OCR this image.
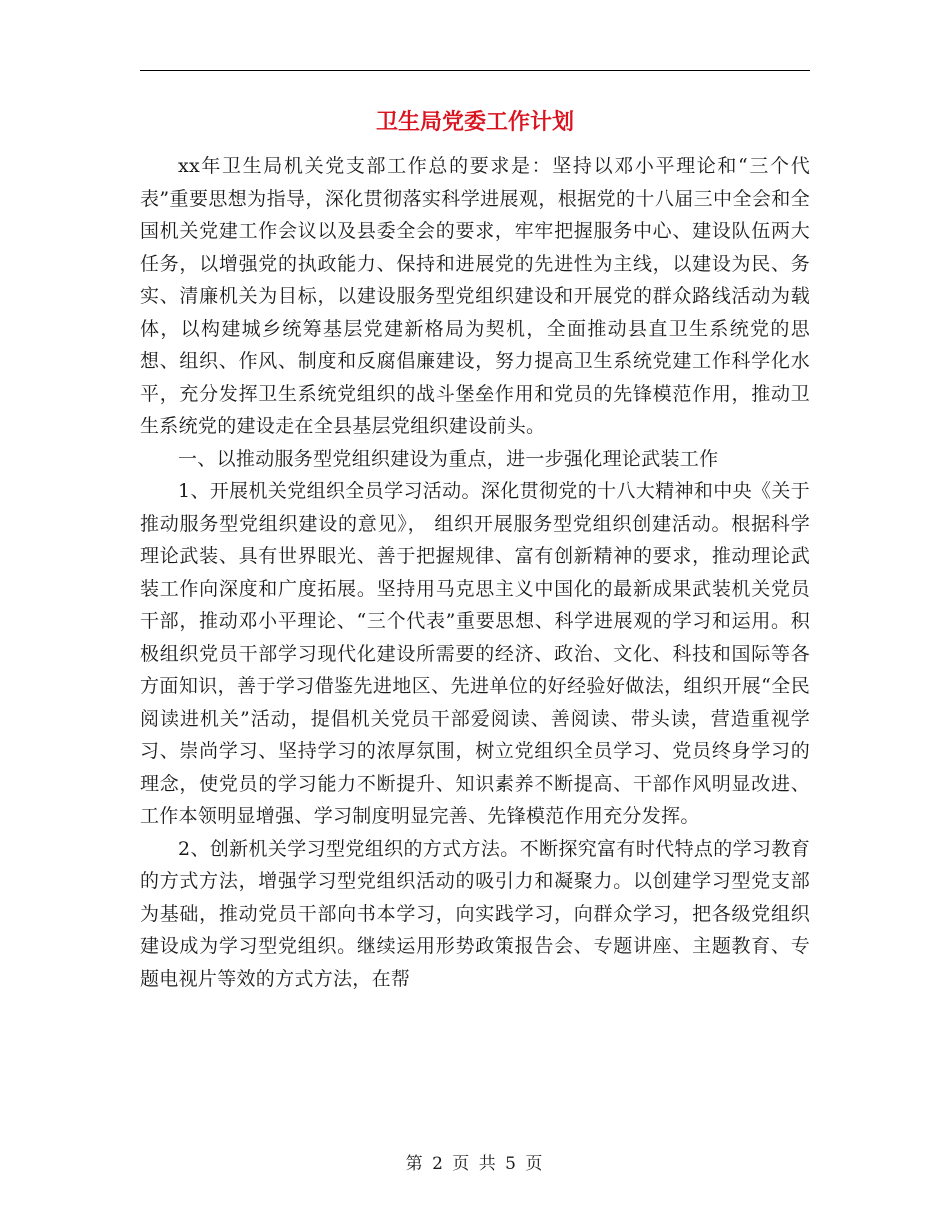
卫生局党委工作计划

xx年卫生局机关党支部工作总的要求是：坚持以邓小平理论和“三个代表”重要思想为指导，深化贯彻落实科学进展观，根据党的十八届三中全会和全国机关党建工作会议以及县委全会的要求，牢牢把握服务中心、建设队伍两大任务，以增强党的执政能力、保持和进展党的先进性为主线，以建设为民、务实、清廉机关为目标，以建设服务型党组织建设和开展党的群众路线活动为载体，以构建城乡统筹基层党建新格局为契机，全面推动县直卫生系统党的思想、组织、作风、制度和反腐倡廉建设，努力提高卫生系统党建工作科学化水平，充分发挥卫生系统党组织的战斗堡垒作用和党员的先锋模范作用，推动卫生系统党的建设走在全县基层党组织建设前头。

一、以推动服务型党组织建设为重点，进一步强化理论武装工作

1、开展机关党组织全员学习活动。深化贯彻党的十八大精神和中央《关于推动服务型党组织建设的意见》， 组织开展服务型党组织创建活动。根据科学理论武装、具有世界眼光、善于把握规律、富有创新精神的要求，推动理论武装工作向深度和广度拓展。坚持用马克思主义中国化的最新成果武装机关党员干部，推动邓小平理论、“三个代表”重要思想、科学进展观的学习和运用。积极组织党员干部学习现代化建设所需要的经济、政治、文化、科技和国际等各方面知识，善于学习借鉴先进地区、先进单位的好经验好做法，组织开展“全民阅读进机关”活动，提倡机关党员干部爱阅读、善阅读、带头读，营造重视学习、崇尚学习、坚持学习的浓厚氛围，树立党组织全员学习、党员终身学习的理念，使党员的学习能力不断提升、知识素养不断提高、干部作风明显改进、工作本领明显增强、学习制度明显完善、先锋模范作用充分发挥。

2、创新机关学习型党组织的方式方法。不断探究富有时代特点的学习教育的方式方法，增强学习型党组织活动的吸引力和凝聚力。以创建学习型党支部为基础，推动党员干部向书本学习，向实践学习，向群众学习，把各级党组织建设成为学习型党组织。继续运用形势政策报告会、专题讲座、主题教育、专题电视片等效的方式方法，在帮

第 2 页 共 5 页
